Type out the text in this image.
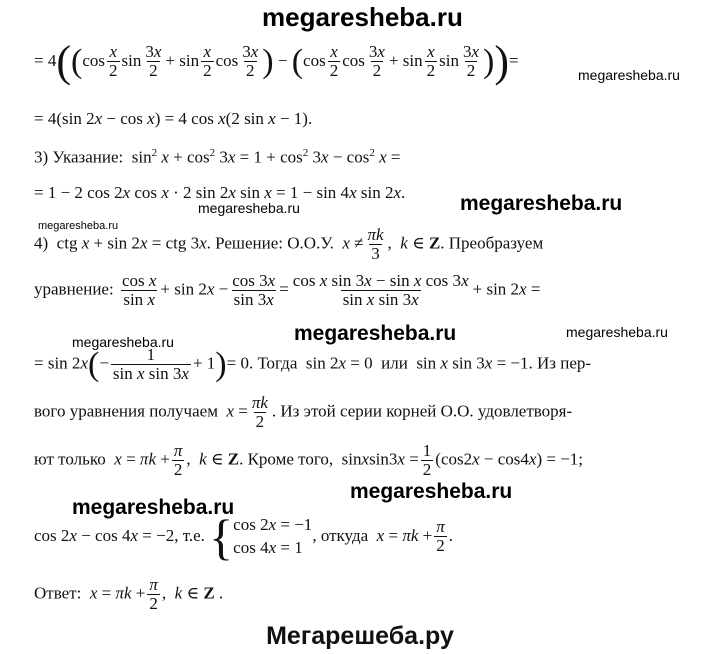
megaresheba.ru
= $4((\cos \frac{x}{2}$ $\sin \frac{3x}{2} + \sin \frac{x}{2}$ $\cos \frac{3x}{2}$ ) − ($\cos \frac{x}{2}$ $\cos \frac{3x}{2} + \sin \frac{x}{2}$ $\sin \frac{3x}{2}$ ))=
megaresheba.ru
= 4(sin 2x − cos x) = 4 cos x(2 sin x − 1).
3) Указание:  $\sin^2 x + \cos^2 3x = 1 + \cos^2 3x - \cos^2 x$ =
= 1 − 2 cos 2x cos x · 2 sin 2x sin x = 1 − sin 4x sin 2x.	megaresheba.ru
megaresheba.ru
megaresheba.ru
4)  ctg x + sin 2x = ctg 3x. Решение: О.О.У. $x \ne \frac{\pi k}{3}$ ,  k ∈ Z. Преобразуем
уравнение: $\frac{\text{cos x}}{\text{sin x}} + \sin 2x - \frac{\cos 3x}{\sin 3x} = \frac{\text{cos x sin 3x − sin x cos 3x}}{\text{sin x sin 3x}} + \sin 2x$ =
megaresheba.ru	megaresheba.ru	megaresheba.ru
= $\sin 2x(- \frac{1}{\text{sin x sin 3x}} + 1)= 0$. Тогда  sin 2x = 0  или  sin x sin 3x = −1. Из пер-
вого уравнения получаем $x = \frac{\pi k}{2}$ . Из этой серии корней О.О. удовлетворя-
ют только $x = \pi k + \frac{\pi}{2}$ ,  k ∈ Z. Кроме того,  sinxsin3x = $\frac{1}{2} (\cos 2x - \cos 4x) = -1$;
megaresheba.ru
megaresheba.ru
cos 2x − cos 4x = −2, т.е. { cos 2x = −1
cos 4x = 1
, откуда $x = \pi k + \frac{\pi}{2}$ .
Ответ: $x = \pi k + \frac{\pi}{2}$ ,  k ∈ Z .
Мегарешеба.ру
